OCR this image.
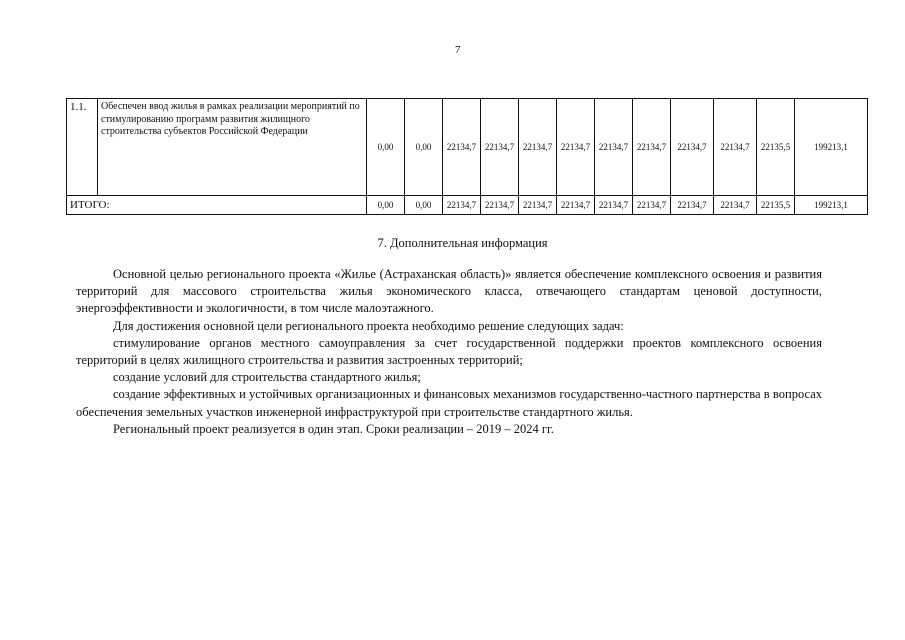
7
1.1.	Обеспечен ввод жилья в рамках реализации мероприятий по стимулированию программ развития жилищного строительства субъектов Российской Федерации	0,00	0,00	22134,7	22134,7	22134,7	22134,7	22134,7	22134,7	22134,7	22134,7	22135,5	199213,1
ИТОГО:		0,00	0,00	22134,7	22134,7	22134,7	22134,7	22134,7	22134,7	22134,7	22134,7	22135,5	199213,1
7. Дополнительная информация

Основной целью регионального проекта «Жилье (Астраханская область)» является обеспечение комплексного освоения и развития территорий для массового строительства жилья экономического класса, отвечающего стандартам ценовой доступности, энергоэффективности и экологичности, в том числе малоэтажного.

Для достижения основной цели регионального проекта необходимо решение следующих задач:

стимулирование органов местного самоуправления за счет государственной поддержки проектов комплексного освоения территорий в целях жилищного строительства и развития застроенных территорий;

создание условий для строительства стандартного жилья;

создание эффективных и устойчивых организационных и финансовых механизмов государственно-частного партнерства в вопросах обеспечения земельных участков инженерной инфраструктурой при строительстве стандартного жилья.

Региональный проект реализуется в один этап. Сроки реализации – 2019 – 2024 гг.
